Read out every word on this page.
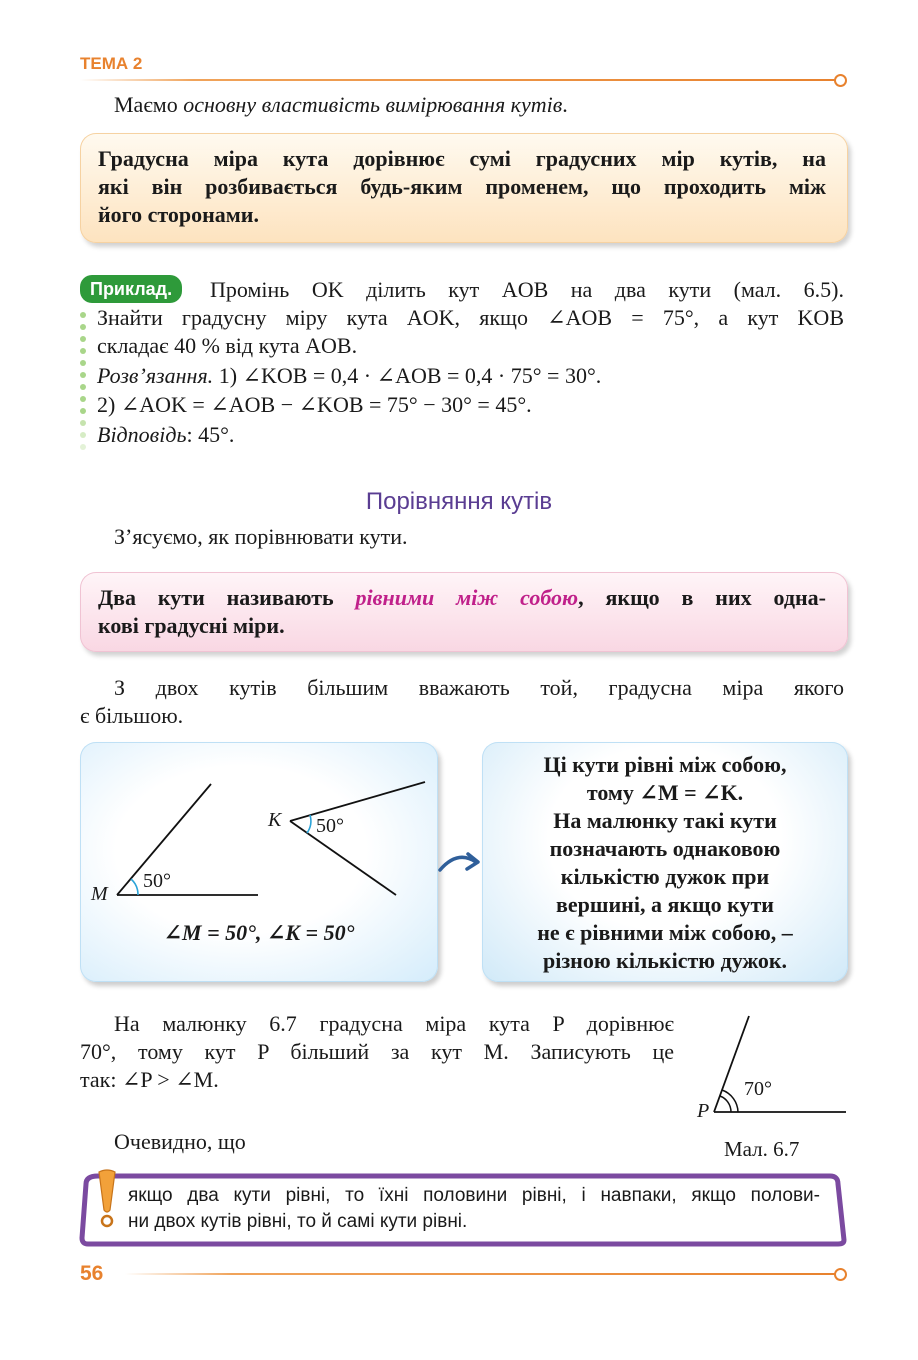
ТЕМА 2
Маємо основну властивість вимірювання кутів.
Градусна міра кута дорівнює сумі градусних мір кутів, на
які він розбивається будь-яким променем, що проходить між
його сторонами.
Приклад.	Промінь OK ділить кут AOB на два кути (мал. 6.5).
Знайти градусну міру кута AOK, якщо ∠AOB = 75°, а кут KOB
складає 40 % від кута AOB.
Розв’язання. 1) ∠KOB = 0,4 · ∠AOB = 0,4 · 75° = 30°.
2) ∠AOK = ∠AOB − ∠KOB = 75° − 30° = 45°.
Відповідь: 45°.
Порівняння кутів
З’ясуємо, як порівнювати кути.
Два кути називають рівними між собою, якщо в них одна-
кові градусні міри.
З двох кутів більшим вважають той, градусна міра якого
є більшою.
M
50°
K 50°
∠M = 50°, ∠K = 50°
Ці кути рівні між собою,
тому ∠M = ∠K.
На малюнку такі кути
позначають однаковою
кількістю дужок при
вершині, а якщо кути
не є рівними між собою, –
різною кількістю дужок.
На малюнку 6.7 градусна міра кута P дорівнює
70°, тому кут P більший за кут M. Записують це
так: ∠P > ∠M.
P
70°
Мал. 6.7
Очевидно, що
якщо два кути рівні, то їхні половини рівні, і навпаки, якщо полови-
ни двох кутів рівні, то й самі кути рівні.
56
